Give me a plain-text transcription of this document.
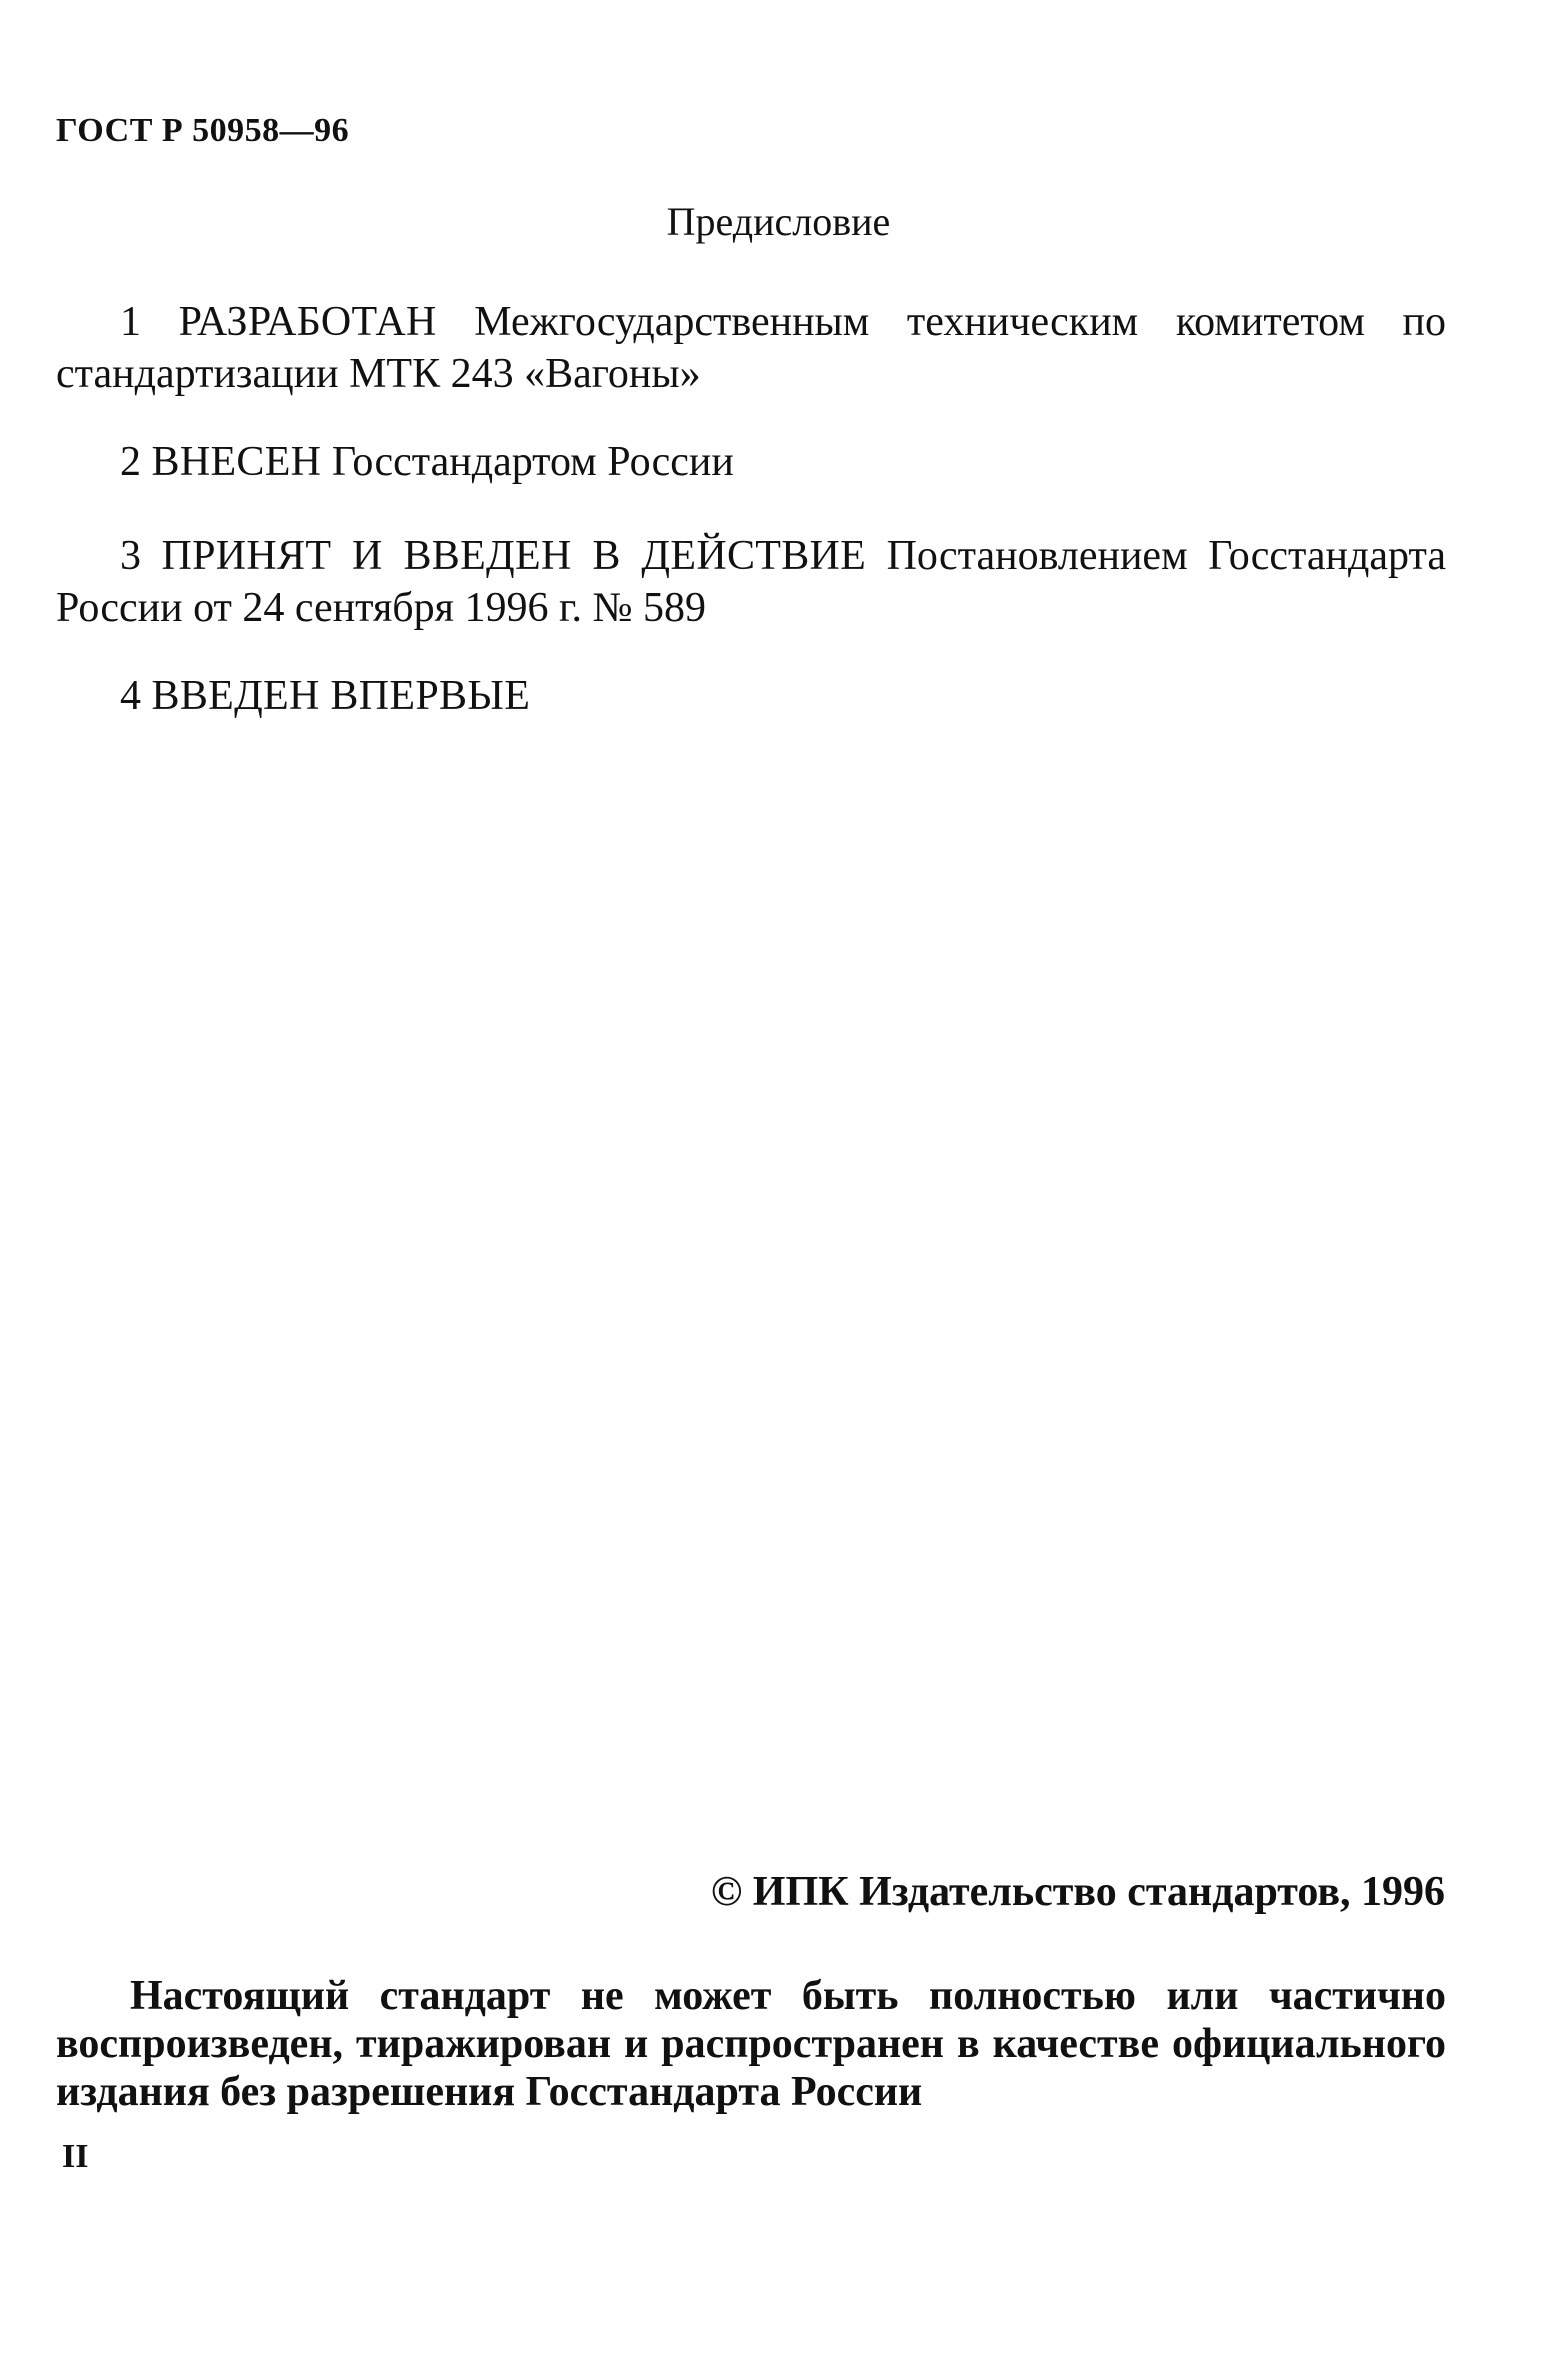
ГОСТ Р 50958—96
Предисловие
1 РАЗРАБОТАН Межгосударственным техническим комитетом по стандартизации МТК 243 «Вагоны»
2 ВНЕСЕН Госстандартом России
3 ПРИНЯТ И ВВЕДЕН В ДЕЙСТВИЕ Постановлением Госстандарта России от 24 сентября 1996 г. № 589
4 ВВЕДЕН ВПЕРВЫЕ
© ИПК Издательство стандартов, 1996
Настоящий стандарт не может быть полностью или частично воспроизведен, тиражирован и распространен в качестве официального издания без разрешения Госстандарта России
II
